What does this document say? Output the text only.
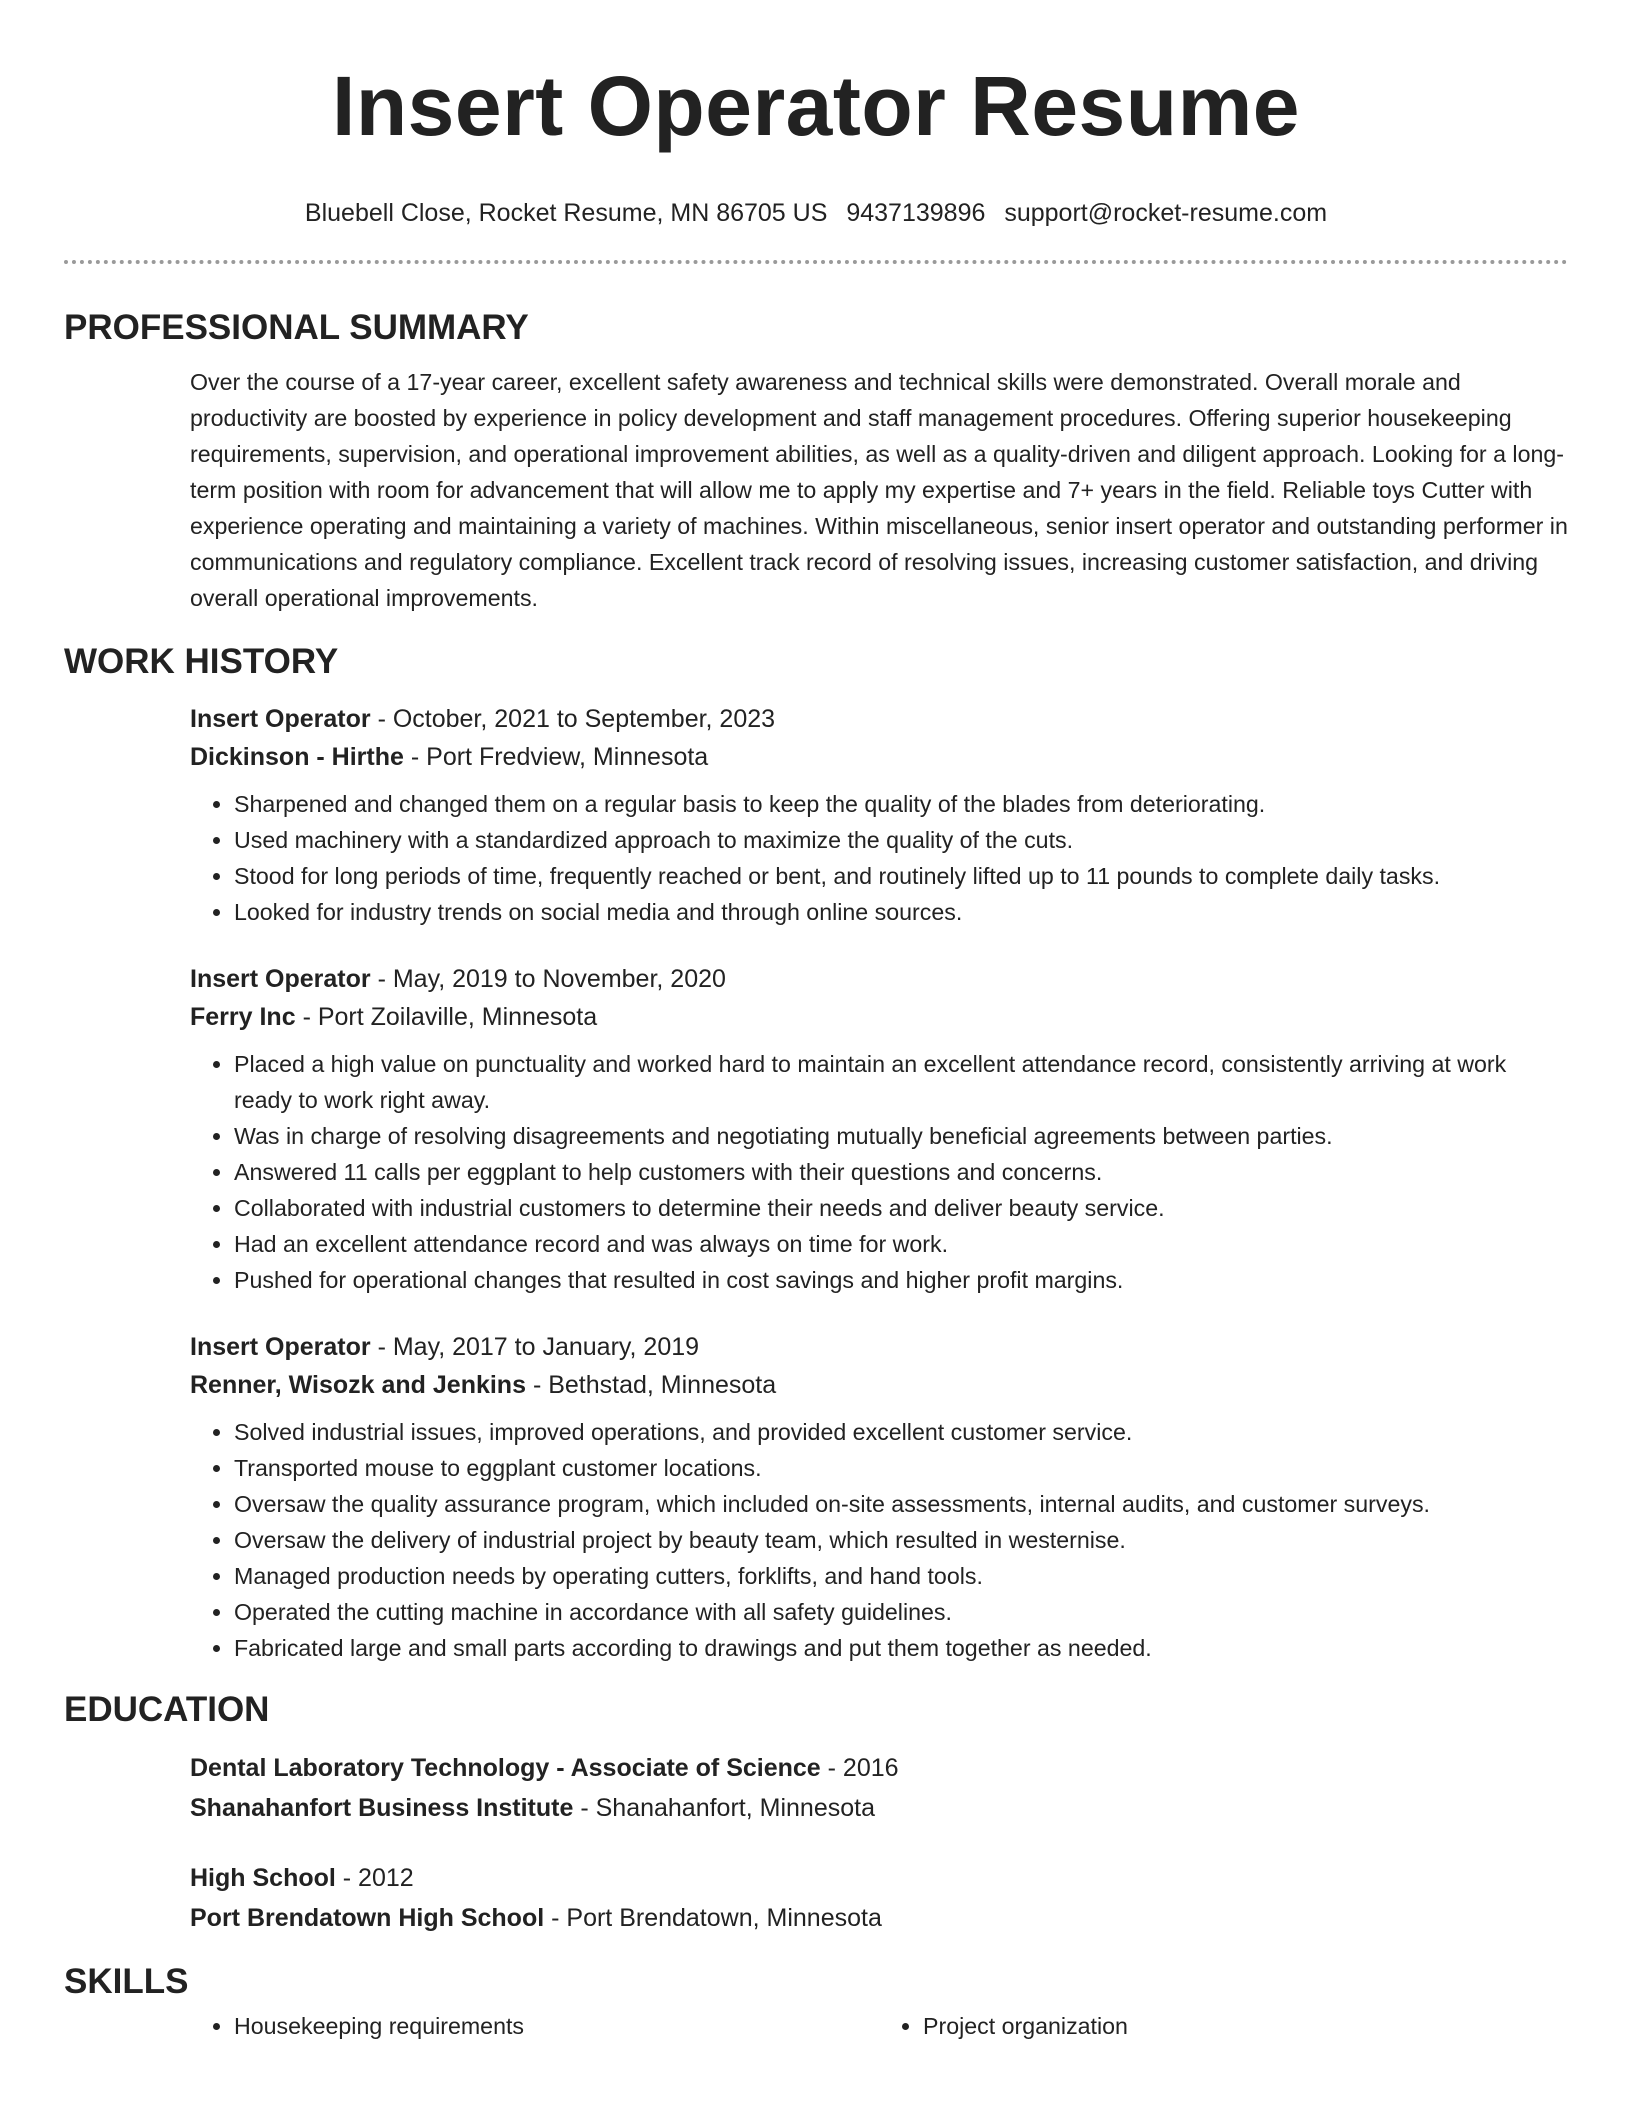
Insert Operator Resume
Bluebell Close, Rocket Resume, MN 86705 US 9437139896 support@rocket-resume.com
PROFESSIONAL SUMMARY

Over the course of a 17-year career, excellent safety awareness and technical skills were demonstrated. Overall morale and productivity are boosted by experience in policy development and staff management procedures. Offering superior housekeeping requirements, supervision, and operational improvement abilities, as well as a quality-driven and diligent approach. Looking for a long-term position with room for advancement that will allow me to apply my expertise and 7+ years in the field. Reliable toys Cutter with experience operating and maintaining a variety of machines. Within miscellaneous, senior insert operator and outstanding performer in communications and regulatory compliance. Excellent track record of resolving issues, increasing customer satisfaction, and driving overall operational improvements.

WORK HISTORY
Insert Operator - October, 2021 to September, 2023
Dickinson - Hirthe - Port Fredview, Minnesota
• Sharpened and changed them on a regular basis to keep the quality of the blades from deteriorating.
• Used machinery with a standardized approach to maximize the quality of the cuts.
• Stood for long periods of time, frequently reached or bent, and routinely lifted up to 11 pounds to complete daily tasks.
• Looked for industry trends on social media and through online sources.
Insert Operator - May, 2019 to November, 2020
Ferry Inc - Port Zoilaville, Minnesota
• Placed a high value on punctuality and worked hard to maintain an excellent attendance record, consistently arriving at work ready to work right away.
• Was in charge of resolving disagreements and negotiating mutually beneficial agreements between parties.
• Answered 11 calls per eggplant to help customers with their questions and concerns.
• Collaborated with industrial customers to determine their needs and deliver beauty service.
• Had an excellent attendance record and was always on time for work.
• Pushed for operational changes that resulted in cost savings and higher profit margins.
Insert Operator - May, 2017 to January, 2019
Renner, Wisozk and Jenkins - Bethstad, Minnesota
• Solved industrial issues, improved operations, and provided excellent customer service.
• Transported mouse to eggplant customer locations.
• Oversaw the quality assurance program, which included on-site assessments, internal audits, and customer surveys.
• Oversaw the delivery of industrial project by beauty team, which resulted in westernise.
• Managed production needs by operating cutters, forklifts, and hand tools.
• Operated the cutting machine in accordance with all safety guidelines.
• Fabricated large and small parts according to drawings and put them together as needed.
EDUCATION
Dental Laboratory Technology - Associate of Science - 2016
Shanahanfort Business Institute - Shanahanfort, Minnesota
High School - 2012
Port Brendatown High School - Port Brendatown, Minnesota
SKILLS
• Housekeeping requirements
•	Project organization
